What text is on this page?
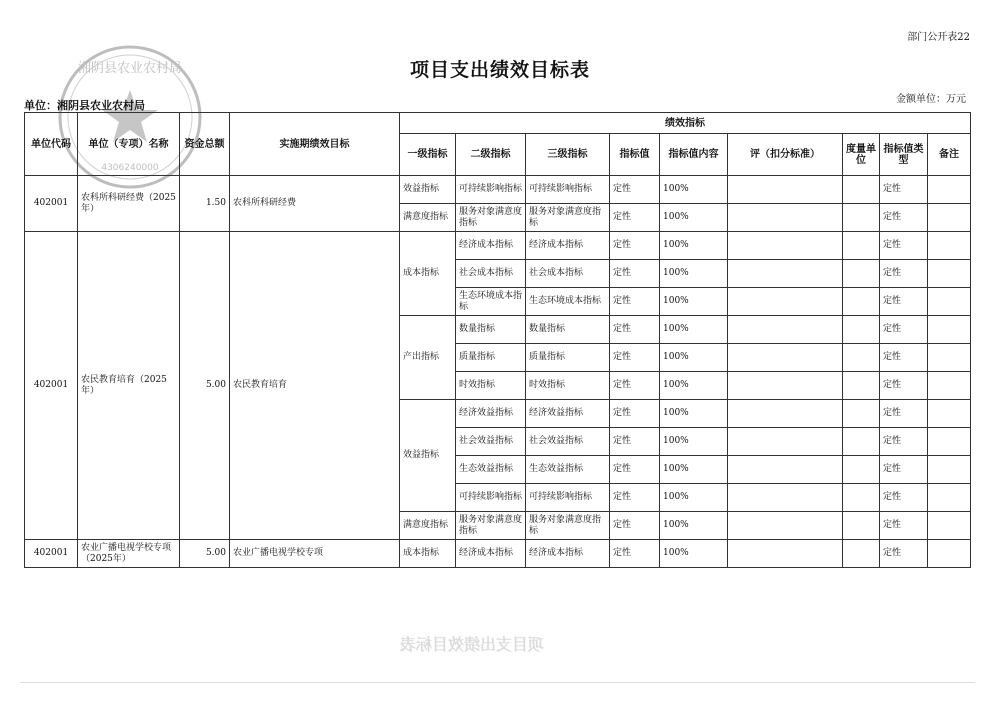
部门公开表22
湘阴县农业农村局
4306240000
项目支出绩效目标表
单位：湘阴县农业农村局	金额单位：万元
单位代码	单位（专项）名称	资金总额	实施期绩效目标	绩效指标								
				一级指标	二级指标	三级指标	指标值	指标值内容	评（扣分标准）	度量单位	指标值类型	备注
402001	农科所科研经费（2025年）	1.50	农科所科研经费	效益指标	可持续影响指标	可持续影响指标	定性	100%			定性	
				满意度指标	服务对象满意度指标	服务对象满意度指标	定性	100%			定性	
402001	农民教育培育（2025年）	5.00	农民教育培育	成本指标	经济成本指标	经济成本指标	定性	100%			定性	
					社会成本指标	社会成本指标	定性	100%			定性	
					生态环境成本指标	生态环境成本指标	定性	100%			定性	
				产出指标	数量指标	数量指标	定性	100%			定性	
					质量指标	质量指标	定性	100%			定性	
					时效指标	时效指标	定性	100%			定性	
				效益指标	经济效益指标	经济效益指标	定性	100%			定性	
					社会效益指标	社会效益指标	定性	100%			定性	
					生态效益指标	生态效益指标	定性	100%			定性	
					可持续影响指标	可持续影响指标	定性	100%			定性	
				满意度指标	服务对象满意度指标	服务对象满意度指标	定性	100%			定性	
402001	农业广播电视学校专项（2025年）	5.00	农业广播电视学校专项	成本指标	经济成本指标	经济成本指标	定性	100%			定性	
项目支出绩效目标表
